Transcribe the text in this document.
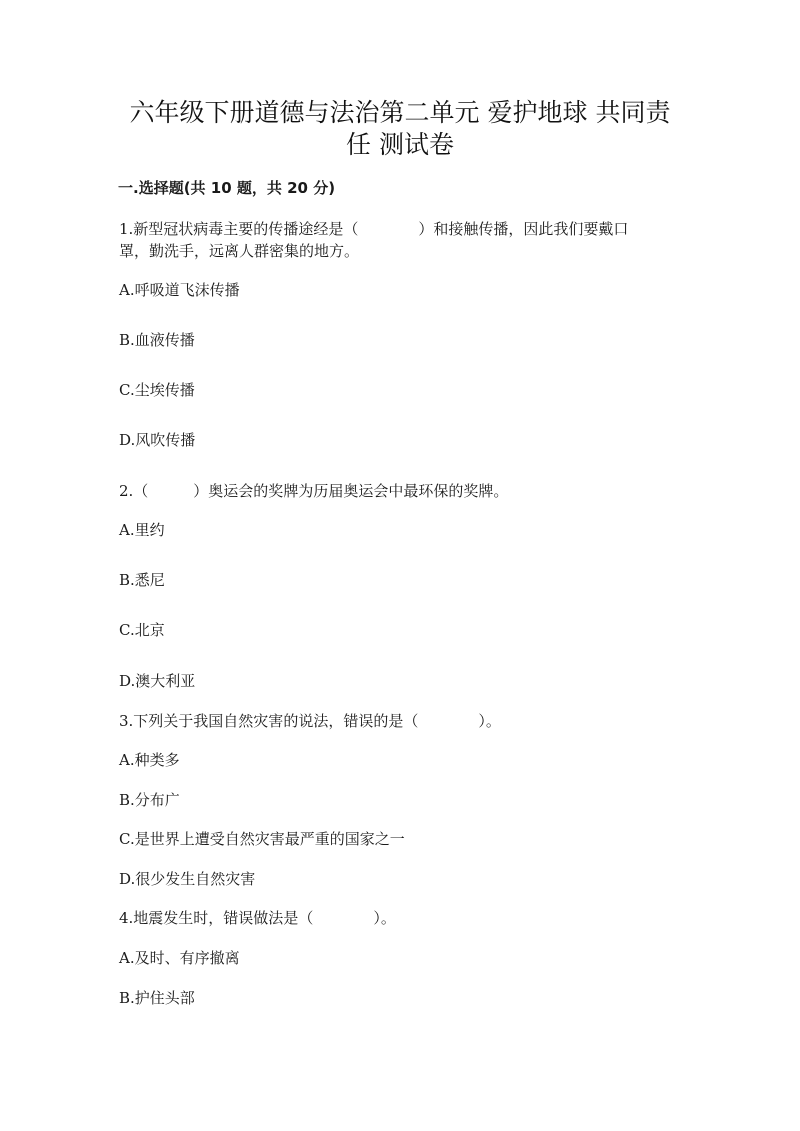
六年级下册道德与法治第二单元 爱护地球 共同责
任 测试卷
一.选择题(共 10 题，共 20 分)
1.新型冠状病毒主要的传播途经是（　　　　）和接触传播，因此我们要戴口
罩，勤洗手，远离人群密集的地方。
A.呼吸道飞沫传播
B.血液传播
C.尘埃传播
D.风吹传播
2.（　　　）奥运会的奖牌为历届奥运会中最环保的奖牌。
A.里约
B.悉尼
C.北京
D.澳大利亚
3.下列关于我国自然灾害的说法，错误的是（　　　　）。
A.种类多
B.分布广
C.是世界上遭受自然灾害最严重的国家之一
D.很少发生自然灾害
4.地震发生时，错误做法是（　　　　）。
A.及时、有序撤离
B.护住头部
